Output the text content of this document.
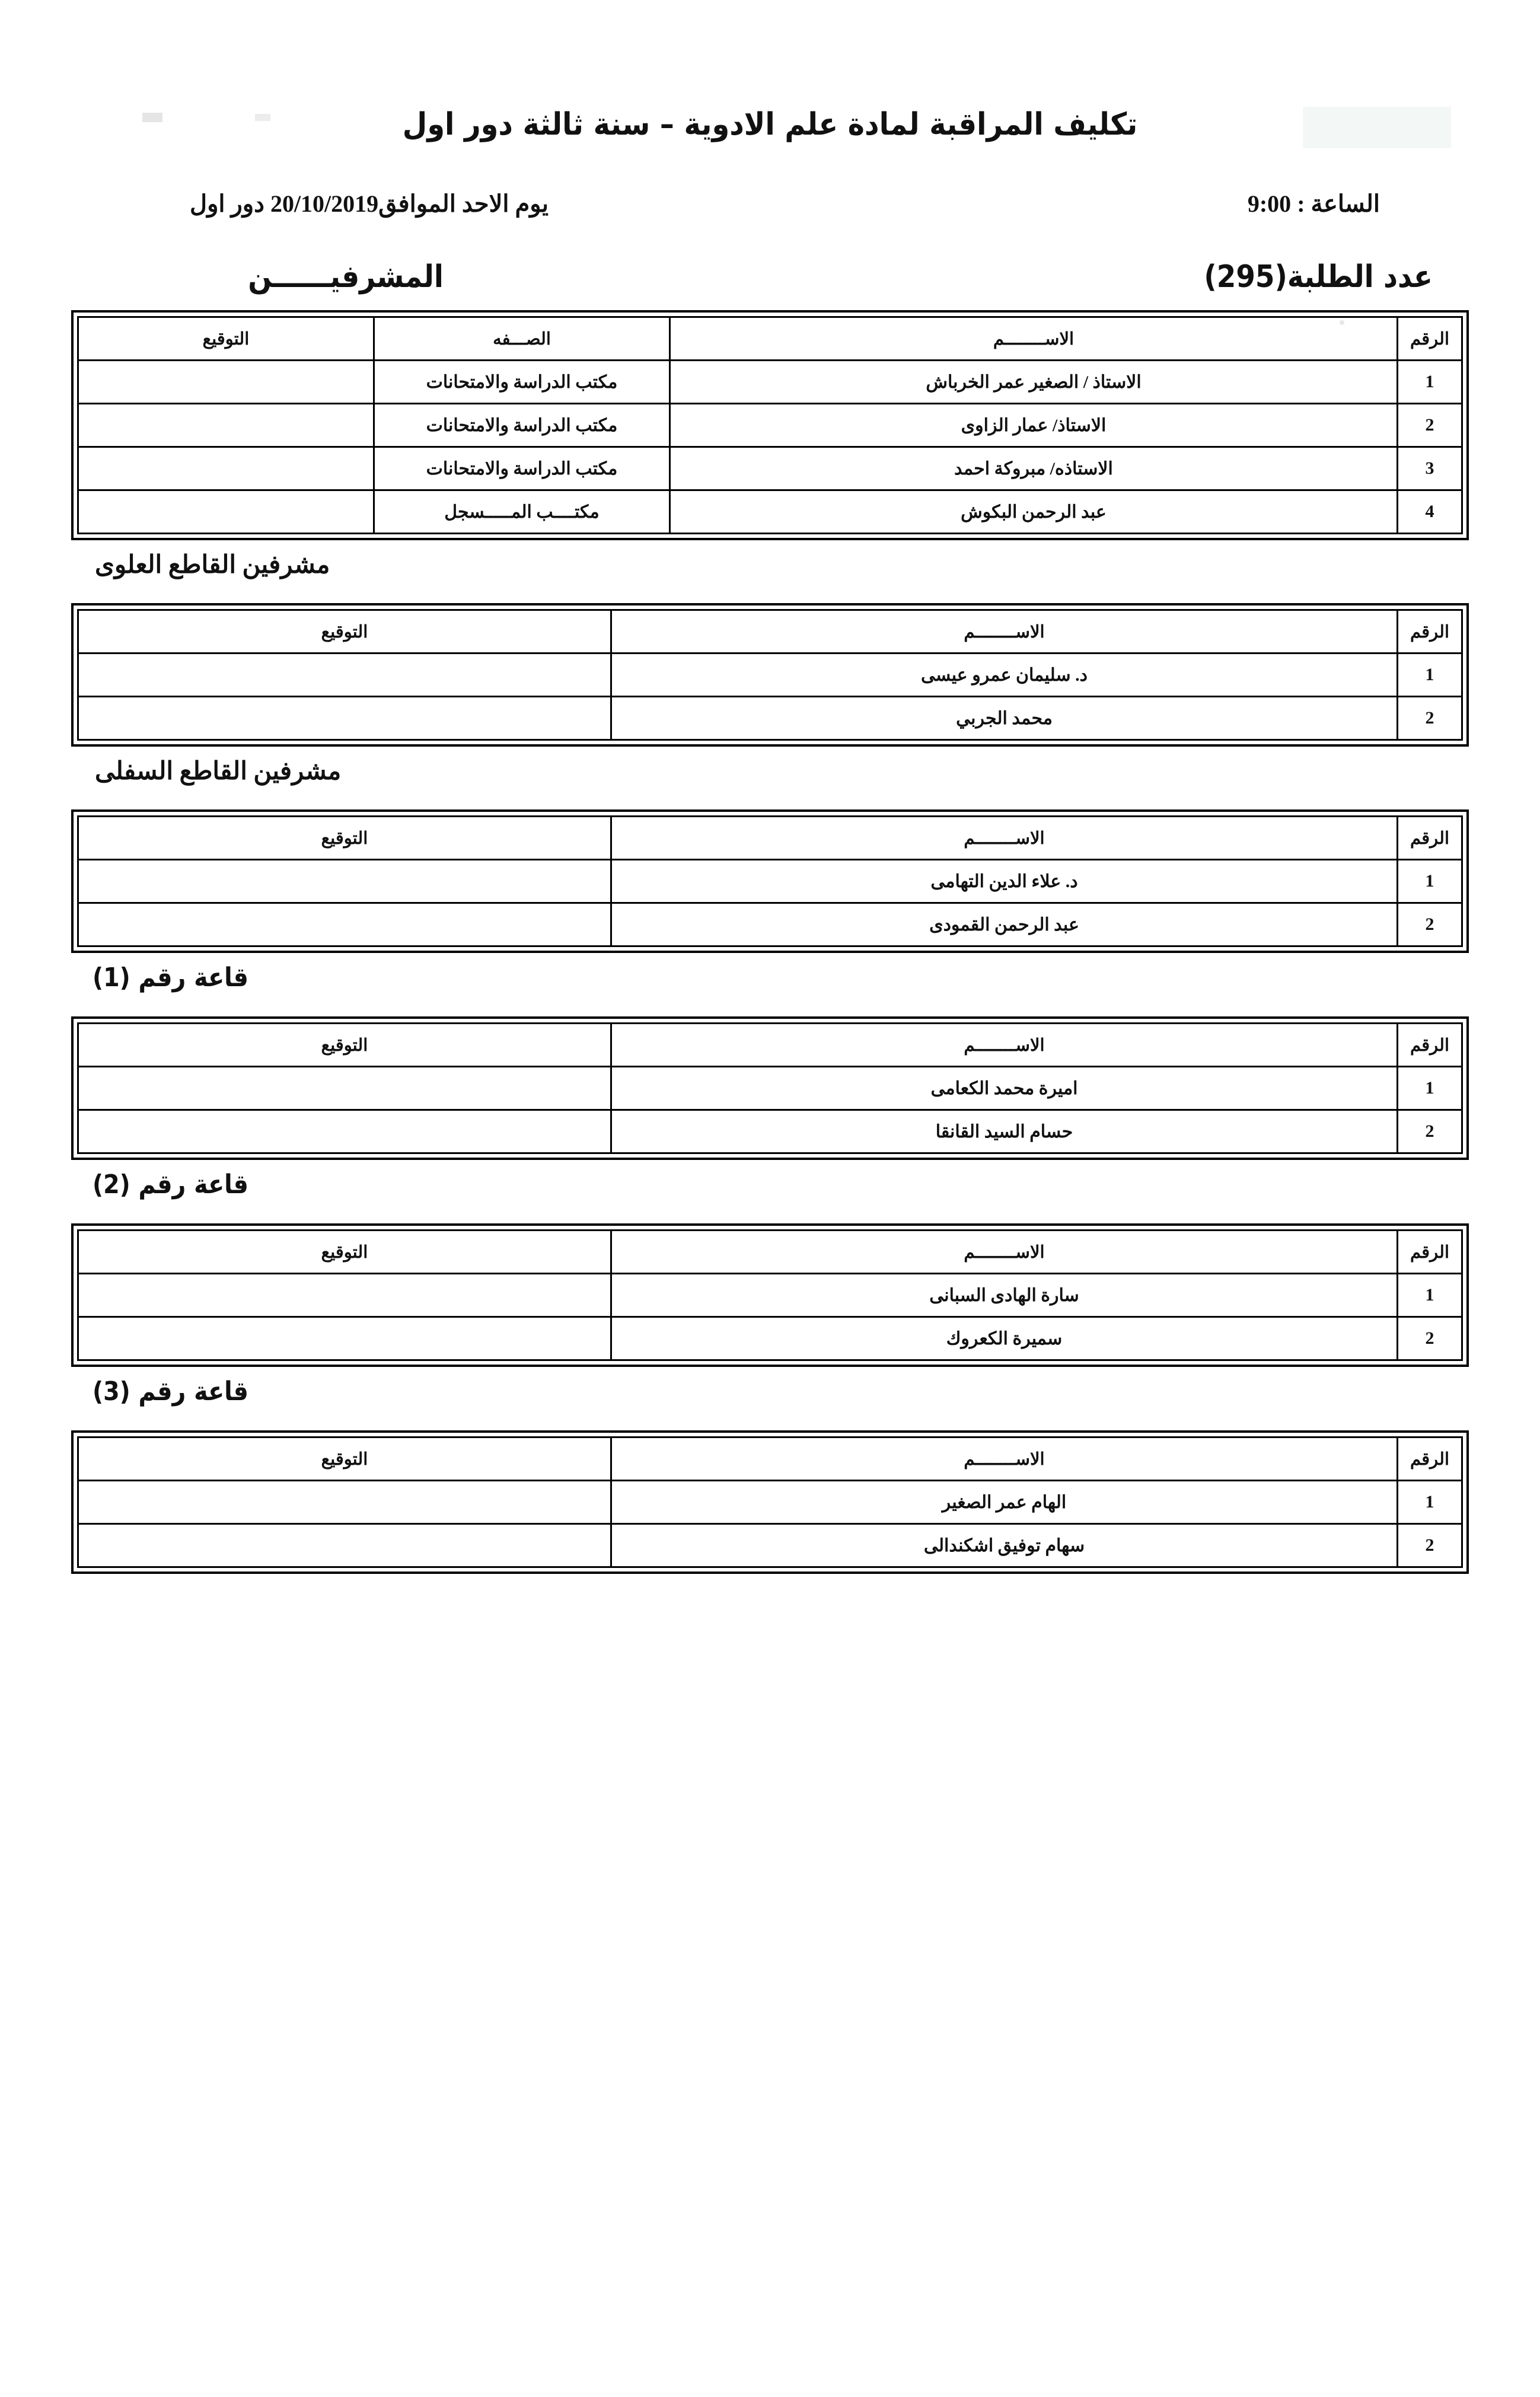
تكليف المراقبة لمادة علم الادوية – سنة ثالثة دور اول
يوم الاحد الموافق20/10/2019 دور اول	الساعة : 9:00
المشرفيــــــن	عدد الطلبة(295)
الرقم	الاســــــــم	الصـــفه	التوقيع
1	الاستاذ / الصغير عمر الخرباش	مكتب الدراسة والامتحانات	
2	الاستاذ/ عمار الزاوى	مكتب الدراسة والامتحانات	
3	الاستاذه/ مبروكة احمد	مكتب الدراسة والامتحانات	
4	عبد الرحمن البكوش	مكتــــب المـــــسجل	
مشرفين القاطع العلوى
الرقم	الاســــــــم	التوقيع
1	د. سليمان عمرو عيسى	
2	محمد الجربي	
مشرفين القاطع السفلى
الرقم	الاســــــــم	التوقيع
1	د. علاء الدين التهامى	
2	عبد الرحمن القمودى	
قاعة رقم (1)
الرقم	الاســــــــم	التوقيع
1	اميرة محمد الكعامى	
2	حسام السيد القانقا	
قاعة رقم (2)
الرقم	الاســــــــم	التوقيع
1	سارة الهادى السبانى	
2	سميرة الكعروك	
قاعة رقم (3)
الرقم	الاســــــــم	التوقيع
1	الهام عمر الصغير	
2	سهام توفيق اشكندالى	
